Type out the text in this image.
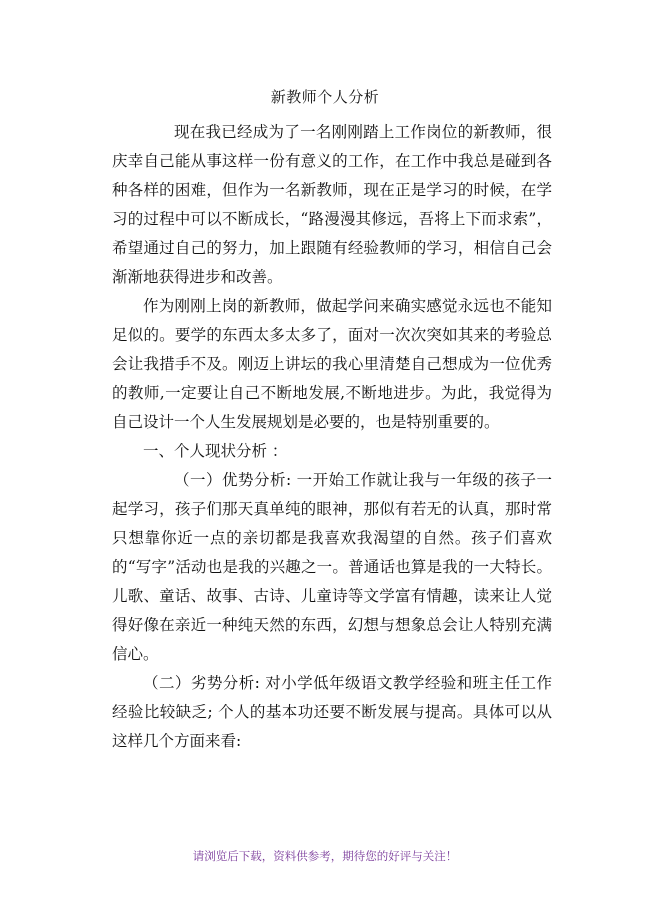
新教师个人分析

现在我已经成为了一名刚刚踏上工作岗位的新教师，很庆幸自己能从事这样一份有意义的工作，在工作中我总是碰到各种各样的困难，但作为一名新教师，现在正是学习的时候，在学习的过程中可以不断成长，“路漫漫其修远，吾将上下而求索”，希望通过自己的努力，加上跟随有经验教师的学习，相信自己会渐渐地获得进步和改善。

作为刚刚上岗的新教师，做起学问来确实感觉永远也不能知足似的。要学的东西太多太多了，面对一次次突如其来的考验总会让我措手不及。刚迈上讲坛的我心里清楚自己想成为一位优秀的教师,一定要让自己不断地发展,不断地进步。为此，我觉得为自己设计一个人生发展规划是必要的，也是特别重要的。

一、个人现状分析 ：

（一）优势分析: 一开始工作就让我与一年级的孩子一起学习，孩子们那天真单纯的眼神，那似有若无的认真，那时常只想靠你近一点的亲切都是我喜欢我渴望的自然。孩子们喜欢的“写字”活动也是我的兴趣之一。普通话也算是我的一大特长。儿歌、童话、故事、古诗、儿童诗等文学富有情趣，读来让人觉得好像在亲近一种纯天然的东西，幻想与想象总会让人特别充满信心。

（二）劣势分析: 对小学低年级语文教学经验和班主任工作经验比较缺乏; 个人的基本功还要不断发展与提高。具体可以从这样几个方面来看:

请浏览后下载，资料供参考，期待您的好评与关注！
